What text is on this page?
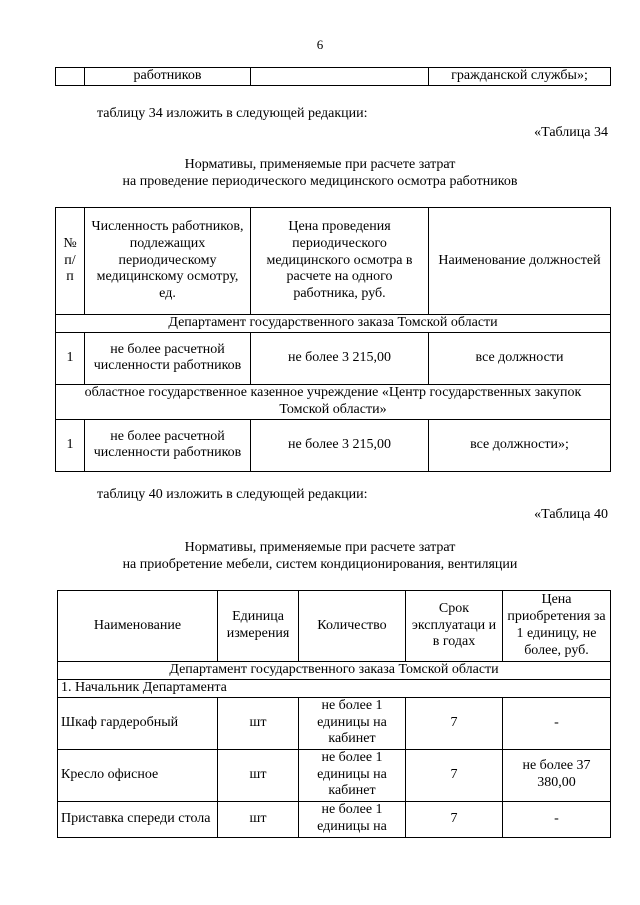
6
	работников		гражданской службы»;
таблицу 34 изложить в следующей редакции:
«Таблица 34
Нормативы, применяемые при расчете затрат
на проведение периодического медицинского осмотра работников
№ п/ п	Численность работников, подлежащих периодическому медицинскому осмотру, ед.	Цена проведения периодического медицинского осмотра в расчете на одного работника, руб.	Наименование должностей
Департамент государственного заказа Томской области			
1	не более расчетной численности работников	не более 3 215,00	все должности
областное государственное казенное учреждение «Центр государственных закупок Томской области»			
1	не более расчетной численности работников	не более 3 215,00	все должности»;
таблицу 40 изложить в следующей редакции:
«Таблица 40
Нормативы, применяемые при расчете затрат
на приобретение мебели, систем кондиционирования, вентиляции
Наименование	Единица измерения	Количество	Срок эксплуатаци и в годах	Цена приобретения за 1 единицу, не более, руб.
Департамент государственного заказа Томской области				
1. Начальник Департамента				
Шкаф гардеробный	шт	не более 1 единицы на кабинет	7	-
Кресло офисное	шт	не более 1 единицы на кабинет	7	не более 37 380,00
Приставка спереди стола	шт	не более 1 единицы на	7	-
